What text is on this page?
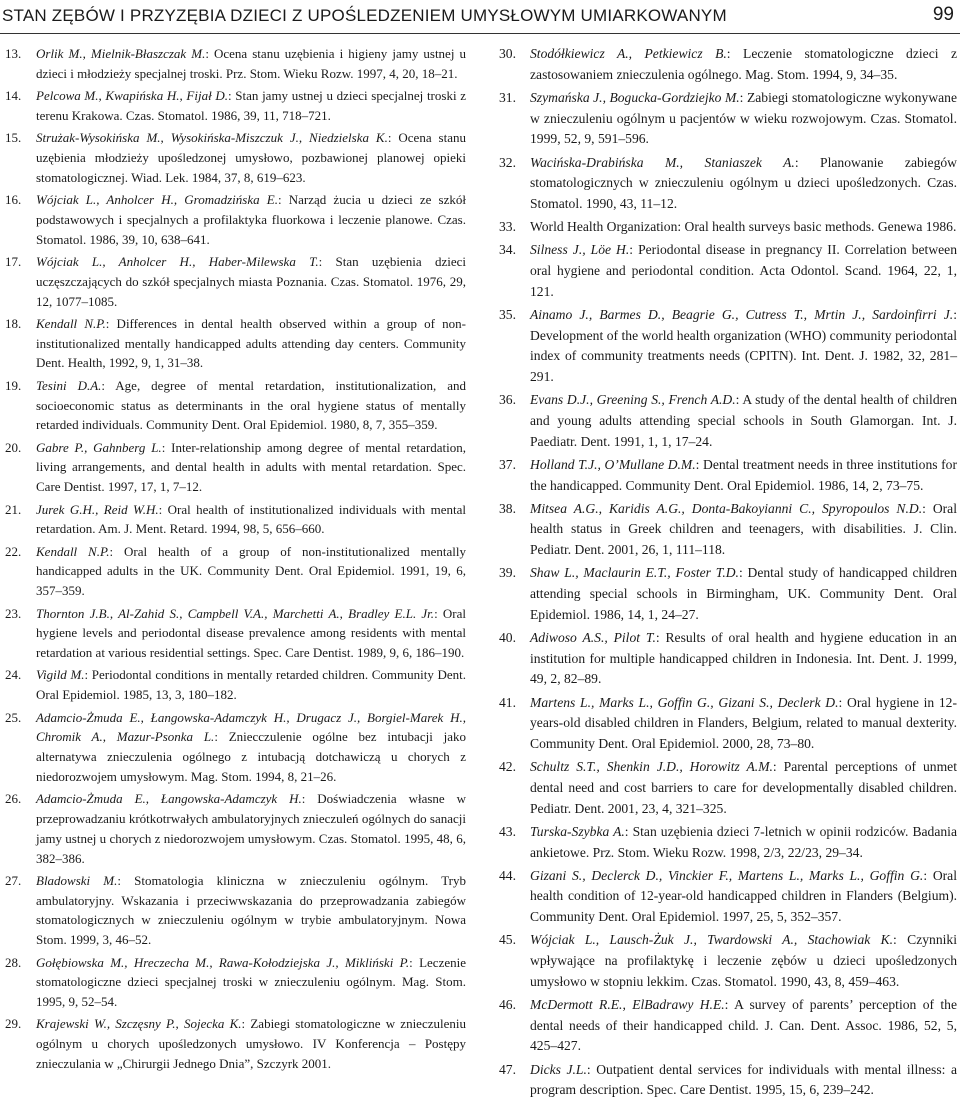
STAN ZĘBÓW I PRZYZĘBIA DZIECI Z UPOŚLEDZENIEM UMYSŁOWYM UMIARKOWANYM	99
13 . Orlik M., Mielnik-Błaszczak M.: Ocena stanu uzębienia i higieny jamy ustnej u dzieci i młodzieży specjalnej troski. Prz. Stom. Wieku Rozw. 1997, 4, 20, 18–21.
14 . Pelcowa M., Kwapińska H., Fijał D.: Stan jamy ustnej u dzieci specjalnej troski z terenu Krakowa. Czas. Stomatol. 1986, 39, 11, 718–721.
15 . Strużak-Wysokińska M., Wysokińska-Miszczuk J., Niedzielska K.: Ocena stanu uzębienia młodzieży upośledzonej umysłowo, pozbawionej planowej opieki stomatologicznej. Wiad. Lek. 1984, 37, 8, 619–623.
16 . Wójciak L., Anholcer H., Gromadzińska E.: Narząd żucia u dzieci ze szkół podstawowych i specjalnych a profilaktyka fluorkowa i leczenie planowe. Czas. Stomatol. 1986, 39, 10, 638–641.
17 . Wójciak L., Anholcer H., Haber-Milewska T.: Stan uzębienia dzieci uczęszczających do szkół specjalnych miasta Poznania. Czas. Stomatol. 1976, 29, 12, 1077–1085.
18 . Kendall N.P.: Differences in dental health observed within a group of non-institutionalized mentally handicapped adults attending day centers. Community Dent. Health, 1992, 9, 1, 31–38.
19 . Tesini D.A.: Age, degree of mental retardation, institutionalization, and socioeconomic status as determinants in the oral hygiene status of mentally retarded individuals. Community Dent. Oral Epidemiol. 1980, 8, 7, 355–359.
20 . Gabre P., Gahnberg L.: Inter-relationship among degree of mental retardation, living arrangements, and dental health in adults with mental retardation. Spec. Care Dentist. 1997, 17, 1, 7–12.
21 . Jurek G.H., Reid W.H.: Oral health of institutionalized individuals with mental retardation. Am. J. Ment. Retard. 1994, 98, 5, 656–660.
22 . Kendall N.P.: Oral health of a group of non-institutionalized mentally handicapped adults in the UK. Community Dent. Oral Epidemiol. 1991, 19, 6, 357–359.
23 . Thornton J.B., Al-Zahid S., Campbell V.A., Marchetti A., Bradley E.L. Jr.: Oral hygiene levels and periodontal disease prevalence among residents with mental retardation at various residential settings. Spec. Care Dentist. 1989, 9, 6, 186–190.
24 . Vigild M.: Periodontal conditions in mentally retarded children. Community Dent. Oral Epidemiol. 1985, 13, 3, 180–182.
25 . Adamcio-Żmuda E., Łangowska-Adamczyk H., Drugacz J., Borgiel-Marek H., Chromik A., Mazur-Psonka L.: Zniecczulenie ogólne bez intubacji jako alternatywa znieczulenia ogólnego z intubacją dotchawiczą u chorych z niedorozwojem umysłowym. Mag. Stom. 1994, 8, 21–26.
26 . Adamcio-Żmuda E., Łangowska-Adamczyk H.: Doświadczenia własne w przeprowadzaniu krótkotrwałych ambulatoryjnych znieczuleń ogólnych do sanacji jamy ustnej u chorych z niedorozwojem umysłowym. Czas. Stomatol. 1995, 48, 6, 382–386.
27 . Bladowski M.: Stomatologia kliniczna w znieczuleniu ogólnym. Tryb ambulatoryjny. Wskazania i przeciwwskazania do przeprowadzania zabiegów stomatologicznych w znieczuleniu ogólnym w trybie ambulatoryjnym. Nowa Stom. 1999, 3, 46–52.
28 . Gołębiowska M., Hreczecha M., Rawa-Kołodziejska J., Mikliński P.: Leczenie stomatologiczne dzieci specjalnej troski w znieczuleniu ogólnym. Mag. Stom. 1995, 9, 52–54.
29 . Krajewski W., Szczęsny P., Sojecka K.: Zabiegi stomatologiczne w znieczuleniu ogólnym u chorych upośledzonych umysłowo. IV Konferencja – Postępy znieczulania w „Chirurgii Jednego Dnia”, Szczyrk 2001.
30 . Stodółkiewicz A., Petkiewicz B.: Leczenie stomatologiczne dzieci z zastosowaniem znieczulenia ogólnego. Mag. Stom. 1994, 9, 34–35.
31 . Szymańska J., Bogucka-Gordziejko M.: Zabiegi stomatologiczne wykonywane w znieczuleniu ogólnym u pacjentów w wieku rozwojowym. Czas. Stomatol. 1999, 52, 9, 591–596.
32 . Wacińska-Drabińska M., Staniaszek A.: Planowanie zabiegów stomatologicznych w znieczuleniu ogólnym u dzieci upośledzonych. Czas. Stomatol. 1990, 43, 11–12.
33 . World Health Organization: Oral health surveys basic methods. Genewa 1986.
34 . Silness J., Löe H.: Periodontal disease in pregnancy II. Correlation between oral hygiene and periodontal condition. Acta Odontol. Scand. 1964, 22, 1, 121.
35 . Ainamo J., Barmes D., Beagrie G., Cutress T., Mrtin J., Sardoinfirri J.: Development of the world health organization (WHO) community periodontal index of community treatments needs (CPITN). Int. Dent. J. 1982, 32, 281–291.
36 . Evans D.J., Greening S., French A.D.: A study of the dental health of children and young adults attending special schools in South Glamorgan. Int. J. Paediatr. Dent. 1991, 1, 1, 17–24.
37 . Holland T.J., O’Mullane D.M.: Dental treatment needs in three institutions for the handicapped. Community Dent. Oral Epidemiol. 1986, 14, 2, 73–75.
38 . Mitsea A.G., Karidis A.G., Donta-Bakoyianni C., Spyropoulos N.D.: Oral health status in Greek children and teenagers, with disabilities. J. Clin. Pediatr. Dent. 2001, 26, 1, 111–118.
39 . Shaw L., Maclaurin E.T., Foster T.D.: Dental study of handicapped children attending special schools in Birmingham, UK. Community Dent. Oral Epidemiol. 1986, 14, 1, 24–27.
40 . Adiwoso A.S., Pilot T.: Results of oral health and hygiene education in an institution for multiple handicapped children in Indonesia. Int. Dent. J. 1999, 49, 2, 82–89.
41 . Martens L., Marks L., Goffin G., Gizani S., Declerk D.: Oral hygiene in 12-years-old disabled children in Flanders, Belgium, related to manual dexterity. Community Dent. Oral Epidemiol. 2000, 28, 73–80.
42 . Schultz S.T., Shenkin J.D., Horowitz A.M.: Parental perceptions of unmet dental need and cost barriers to care for developmentally disabled children. Pediatr. Dent. 2001, 23, 4, 321–325.
43 . Turska-Szybka A.: Stan uzębienia dzieci 7-letnich w opinii rodziców. Badania ankietowe. Prz. Stom. Wieku Rozw. 1998, 2/3, 22/23, 29–34.
44 . Gizani S., Declerck D., Vinckier F., Martens L., Marks L., Goffin G.: Oral health condition of 12-year-old handicapped children in Flanders (Belgium). Community Dent. Oral Epidemiol. 1997, 25, 5, 352–357.
45 . Wójciak L., Lausch-Żuk J., Twardowski A., Stachowiak K.: Czynniki wpływające na profilaktykę i leczenie zębów u dzieci upośledzonych umysłowo w stopniu lekkim. Czas. Stomatol. 1990, 43, 8, 459–463.
46 . McDermott R.E., ElBadrawy H.E.: A survey of parents’ perception of the dental needs of their handicapped child. J. Can. Dent. Assoc. 1986, 52, 5, 425–427.
47 . Dicks J.L.: Outpatient dental services for individuals with mental illness: a program description. Spec. Care Dentist. 1995, 15, 6, 239–242.
